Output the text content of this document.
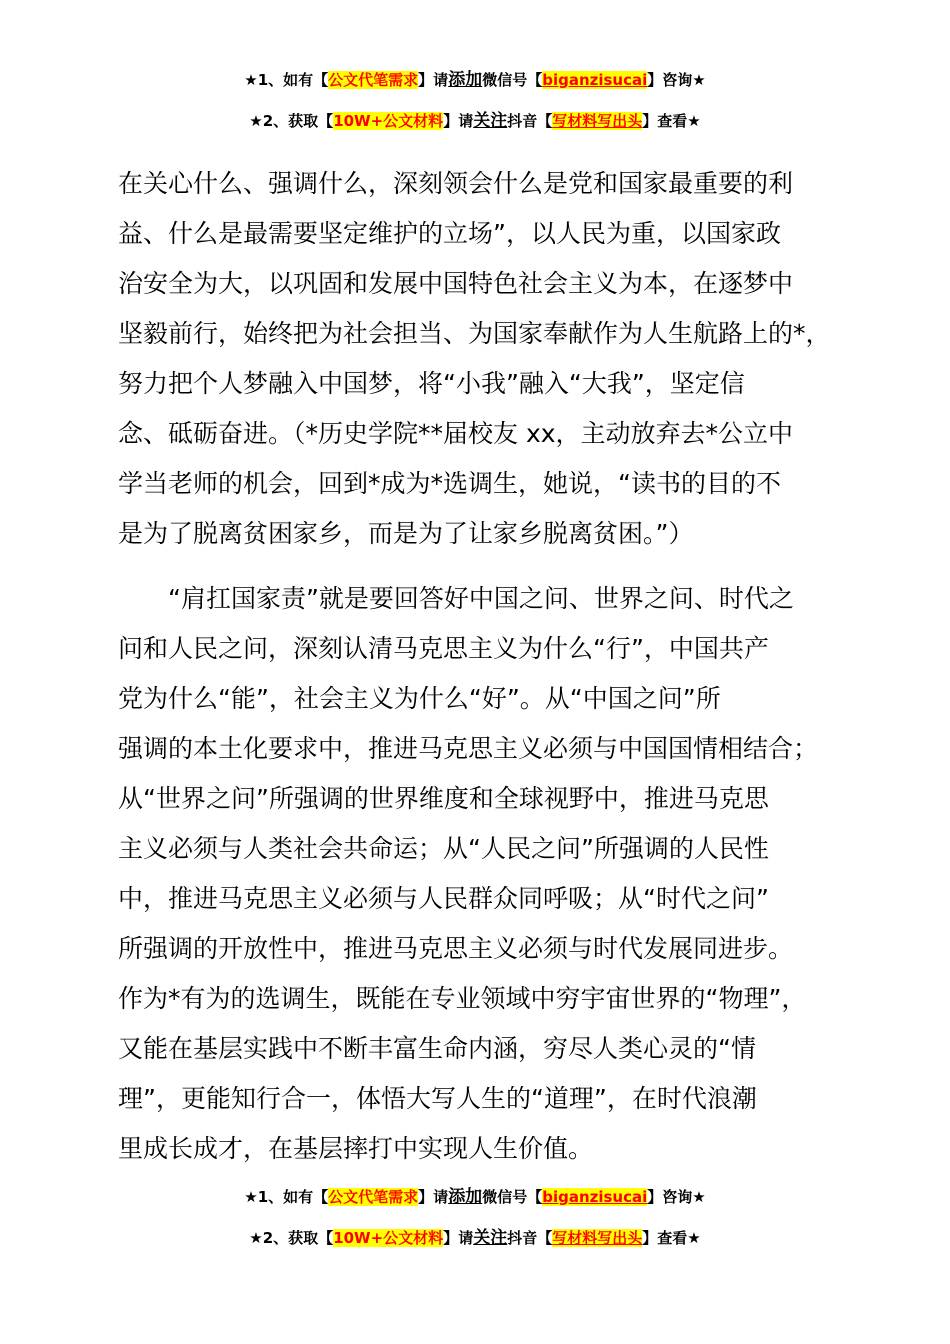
★1、如有【公文代笔需求】请添加微信号【biganzisucai】咨询★
★2、获取【10W+公文材料】请关注抖音【写材料写出头】查看★
在关心什么、强调什么，深刻领会什么是党和国家最重要的利
益、什么是最需要坚定维护的立场”，以人民为重，以国家政
治安全为大，以巩固和发展中国特色社会主义为本，在逐梦中
坚毅前行，始终把为社会担当、为国家奉献作为人生航路上的*，
努力把个人梦融入中国梦，将“小我”融入“大我”，坚定信
念、砥砺奋进。（*历史学院**届校友 xx，主动放弃去*公立中
学当老师的机会，回到*成为*选调生，她说，“读书的目的不
是为了脱离贫困家乡，而是为了让家乡脱离贫困。”）
　　“肩扛国家责”就是要回答好中国之问、世界之问、时代之
问和人民之问，深刻认清马克思主义为什么“行”，中国共产
党为什么“能”，社会主义为什么“好”。从“中国之问”所
强调的本土化要求中，推进马克思主义必须与中国国情相结合；
从“世界之问”所强调的世界维度和全球视野中，推进马克思
主义必须与人类社会共命运；从“人民之问”所强调的人民性
中，推进马克思主义必须与人民群众同呼吸；从“时代之问”
所强调的开放性中，推进马克思主义必须与时代发展同进步。
作为*有为的选调生，既能在专业领域中穷宇宙世界的“物理”，
又能在基层实践中不断丰富生命内涵，穷尽人类心灵的“情
理”，更能知行合一，体悟大写人生的“道理”，在时代浪潮
里成长成才，在基层摔打中实现人生价值。
★1、如有【公文代笔需求】请添加微信号【biganzisucai】咨询★
★2、获取【10W+公文材料】请关注抖音【写材料写出头】查看★
